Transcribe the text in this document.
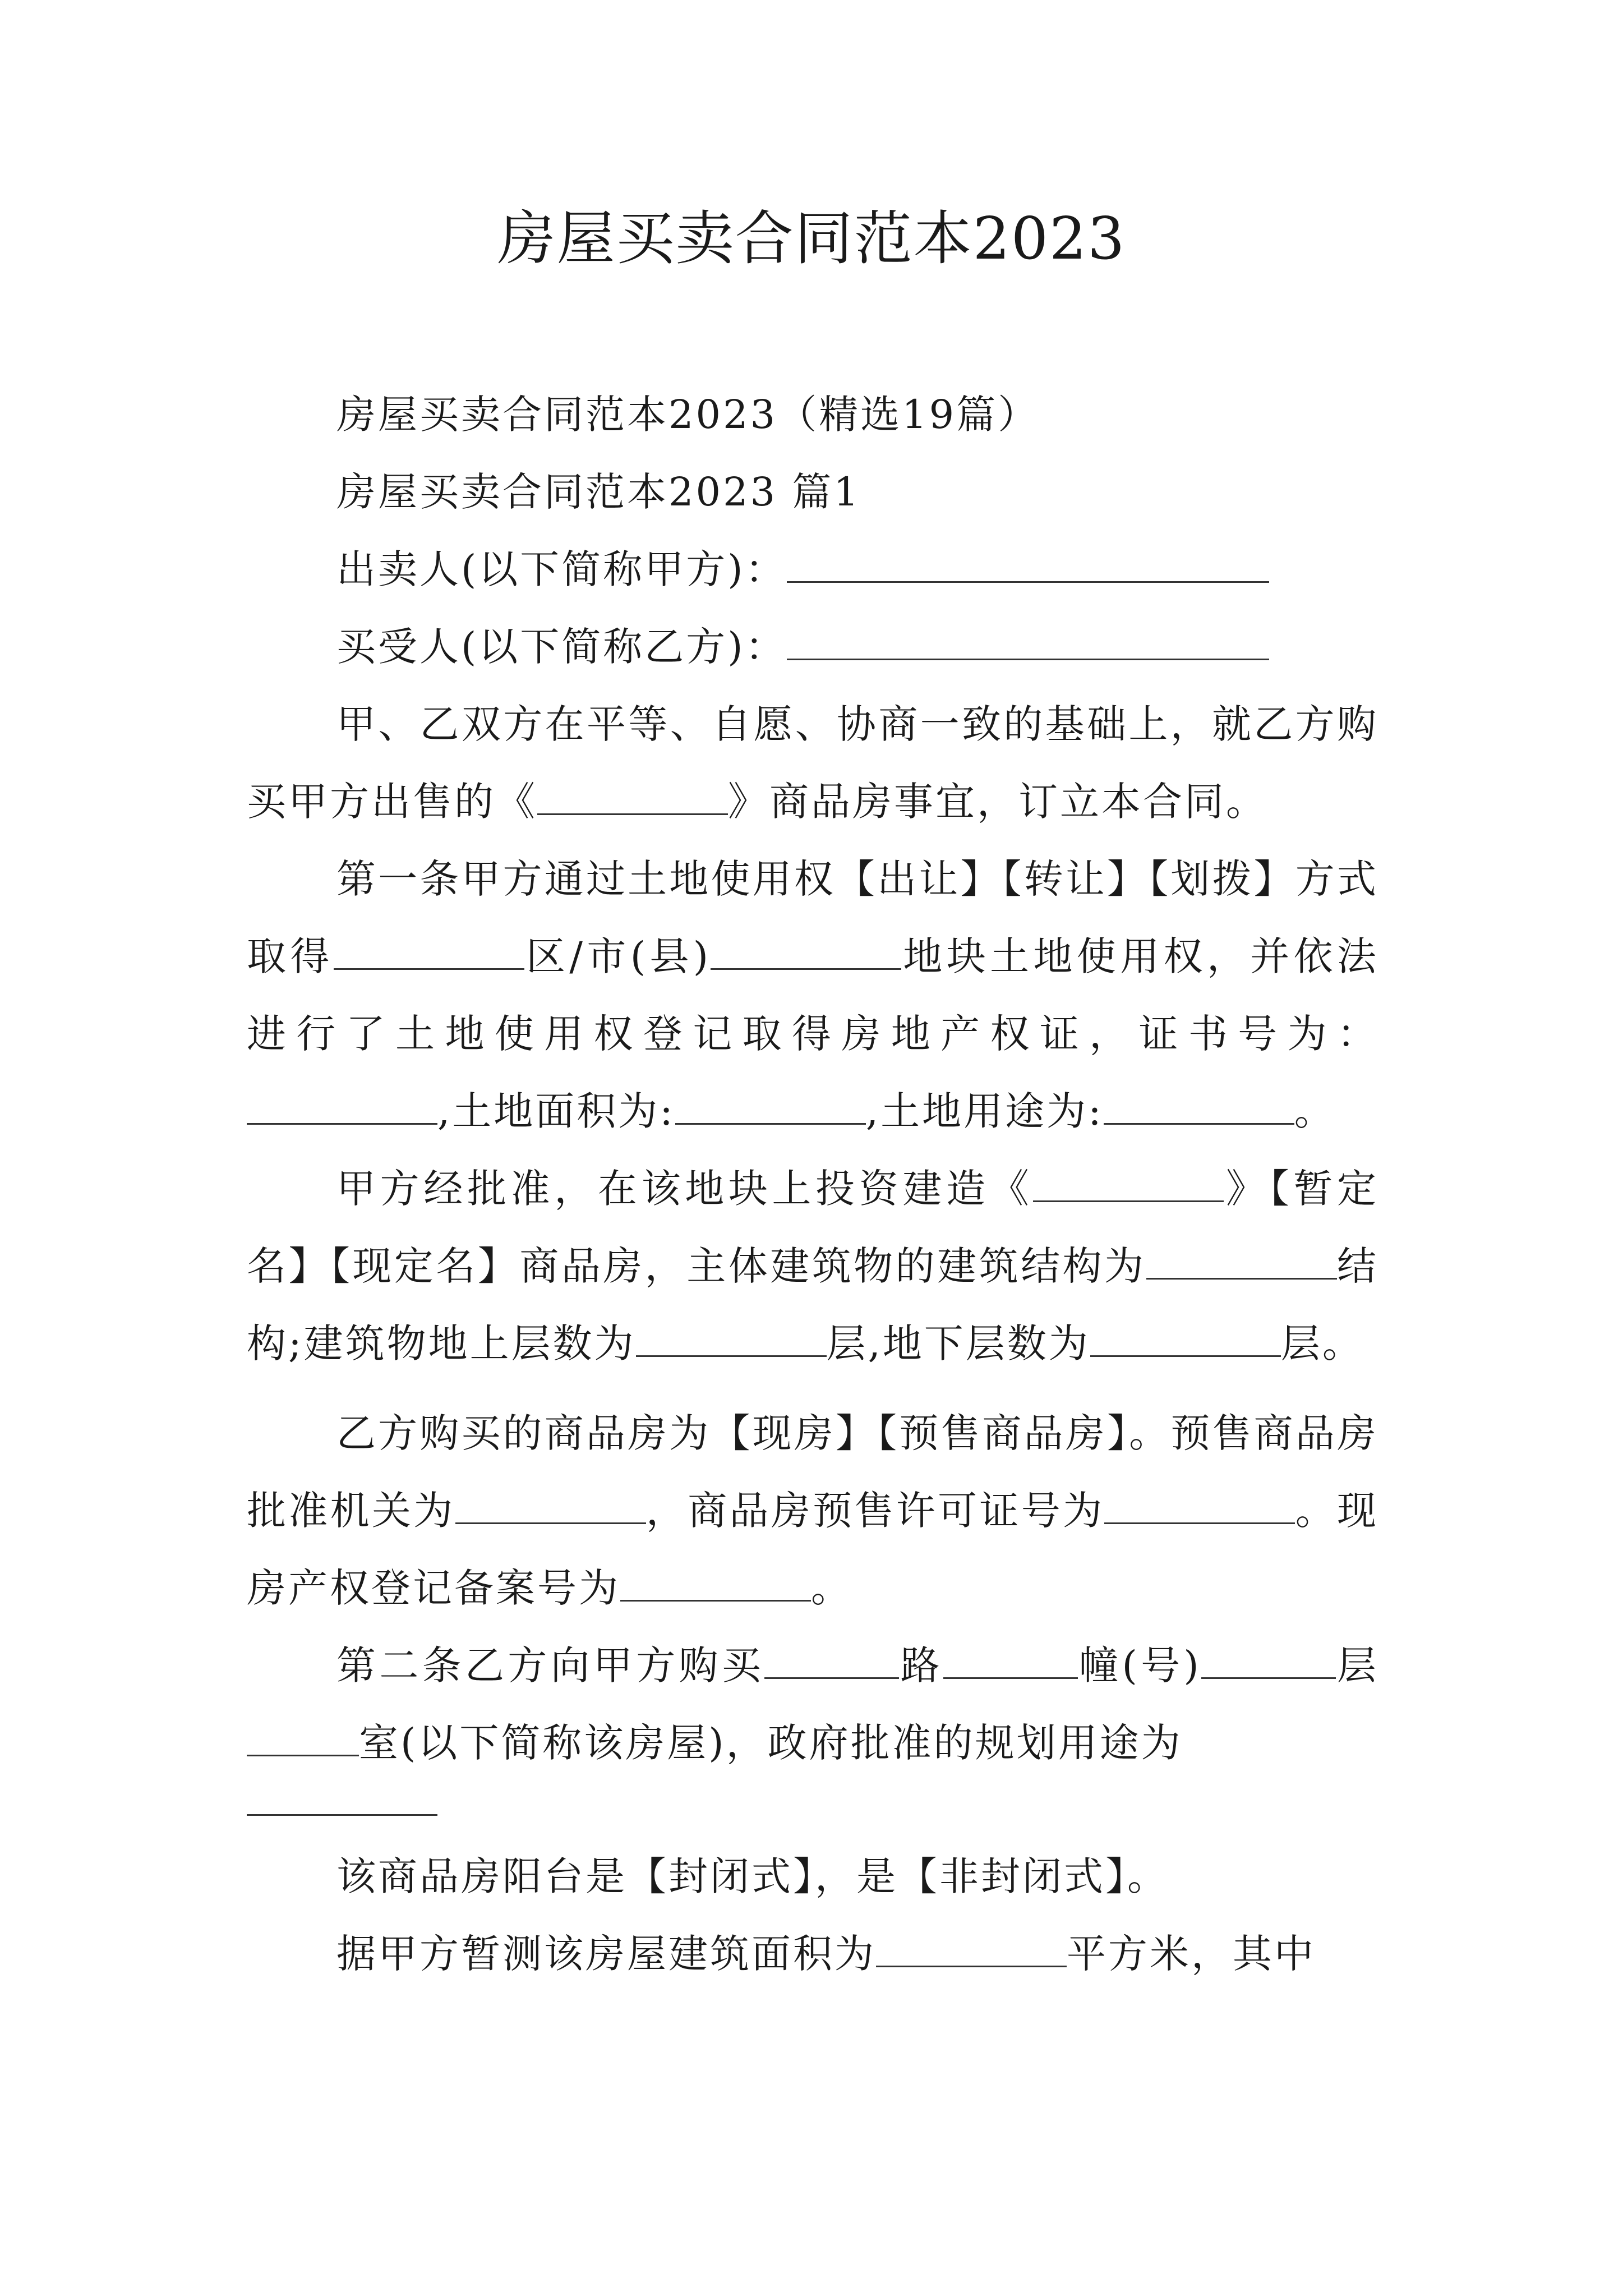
房屋买卖合同范本2023

房屋买卖合同范本2023（精选19篇）

房屋买卖合同范本2023 篇1

出卖人(以下简称甲方)：

买受人(以下简称乙方)：

甲、乙双方在平等、自愿、协商一致的基础上，就乙方购买甲方出售的《	》商品房事宜，订立本合同。

第一条甲方通过土地使用权【出让】【转让】【划拨】方式取得	区/市(县)	地块土地使用权，并依法进行了土地使用权登记取得房地产权证，证书号为：,土地面积为:	,土地用途为:	。

甲方经批准，在该地块上投资建造《	》【暂定名】【现定名】商品房，主体建筑物的建筑结构为	结构;建筑物地上层数为	层,地下层数为	层。

乙方购买的商品房为【现房】【预售商品房】。预售商品房批准机关为	，商品房预售许可证号为	。现房产权登记备案号为	。

第二条乙方向甲方购买	路	幢(号)	层室(以下简称该房屋)，政府批准的规划用途为

该商品房阳台是【封闭式】，是【非封闭式】。

据甲方暂测该房屋建筑面积为	平方米，其中
